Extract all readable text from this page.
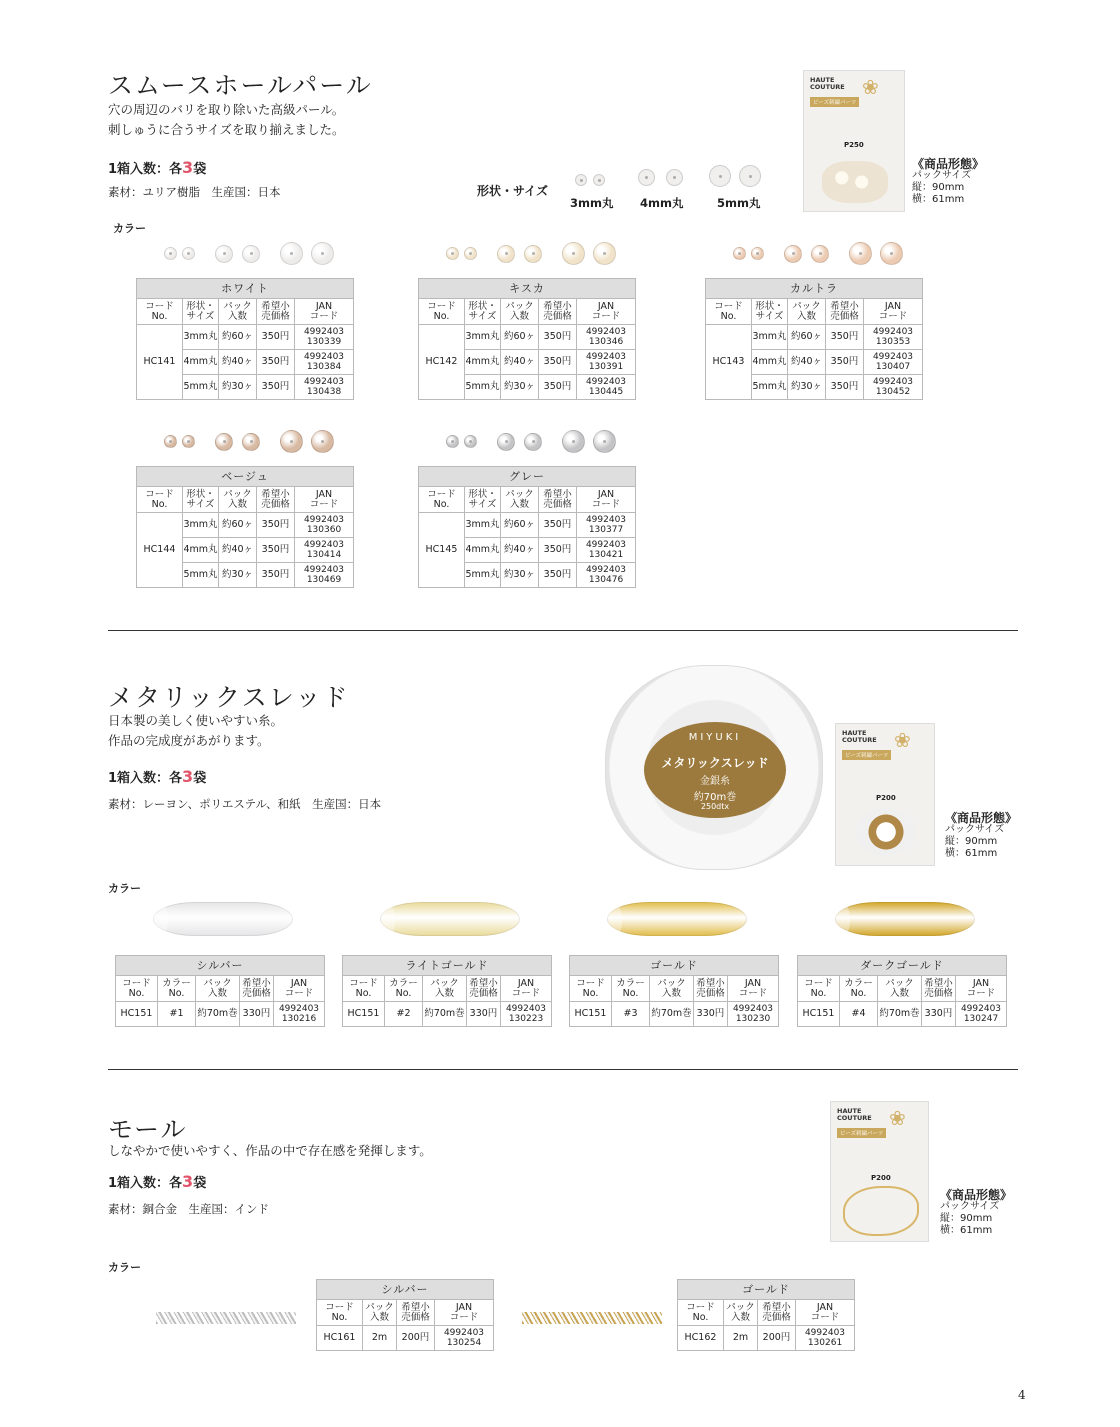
スムースホールパール
穴の周辺のバリを取り除いた高級パール。
刺しゅうに合うサイズを取り揃えました。
1箱入数：各3袋
素材：ユリア樹脂　生産国：日本	形状・サイズ
3mm丸 4mm丸	5mm丸
HAUTE
COUTURE
ビーズ刺繍パーツ
❀
P250
《商品形態》
パックサイズ
縦：90mm
横：61mm
カラー
ホワイト				
コード
No.	形状・
サイズ	パック
入数	希望小
売価格	JAN
コード
HC141	3mm丸	約60ヶ	350円	4992403
130339
	4mm丸	約40ヶ	350円	4992403
130384
	5mm丸	約30ヶ	350円	4992403
130438
キスカ				
コード
No.	形状・
サイズ	パック
入数	希望小
売価格	JAN
コード
HC142	3mm丸	約60ヶ	350円	4992403
130346
	4mm丸	約40ヶ	350円	4992403
130391
	5mm丸	約30ヶ	350円	4992403
130445
カルトラ				
コード
No.	形状・
サイズ	パック
入数	希望小
売価格	JAN
コード
HC143	3mm丸	約60ヶ	350円	4992403
130353
	4mm丸	約40ヶ	350円	4992403
130407
	5mm丸	約30ヶ	350円	4992403
130452
ベージュ				
コード
No.	形状・
サイズ	パック
入数	希望小
売価格	JAN
コード
HC144	3mm丸	約60ヶ	350円	4992403
130360
	4mm丸	約40ヶ	350円	4992403
130414
	5mm丸	約30ヶ	350円	4992403
130469
グレー				
コード
No.	形状・
サイズ	パック
入数	希望小
売価格	JAN
コード
HC145	3mm丸	約60ヶ	350円	4992403
130377
	4mm丸	約40ヶ	350円	4992403
130421
	5mm丸	約30ヶ	350円	4992403
130476
メタリックスレッド
日本製の美しく使いやすい糸。
作品の完成度があがります。
1箱入数：各3袋
素材：レーヨン、ポリエステル、和紙　生産国：日本
MIYUKI
メタリックスレッド
金銀糸
約70m巻
250dtx
HAUTE
COUTURE
ビーズ刺繍パーツ
❀
P200
《商品形態》
パックサイズ
縦：90mm
横：61mm
カラー
シルバー				
コード
No.	カラー
No.	パック
入数	希望小
売価格	JAN
コード
HC151	#1	約70m巻	330円	4992403
130216
ライトゴールド				
コード
No.	カラー
No.	パック
入数	希望小
売価格	JAN
コード
HC151	#2	約70m巻	330円	4992403
130223
ゴールド				
コード
No.	カラー
No.	パック
入数	希望小
売価格	JAN
コード
HC151	#3	約70m巻	330円	4992403
130230
ダークゴールド				
コード
No.	カラー
No.	パック
入数	希望小
売価格	JAN
コード
HC151	#4	約70m巻	330円	4992403
130247
モール
しなやかで使いやすく、作品の中で存在感を発揮します。
1箱入数：各3袋
素材：銅合金　生産国：インド
カラー
HAUTE
COUTURE
ビーズ刺繍パーツ
❀
P200
《商品形態》
パックサイズ
縦：90mm
横：61mm
シルバー			
コード
No.	パック
入数	希望小
売価格	JAN
コード
HC161	2m	200円	4992403
130254
ゴールド			
コード
No.	パック
入数	希望小
売価格	JAN
コード
HC162	2m	200円	4992403
130261
4
